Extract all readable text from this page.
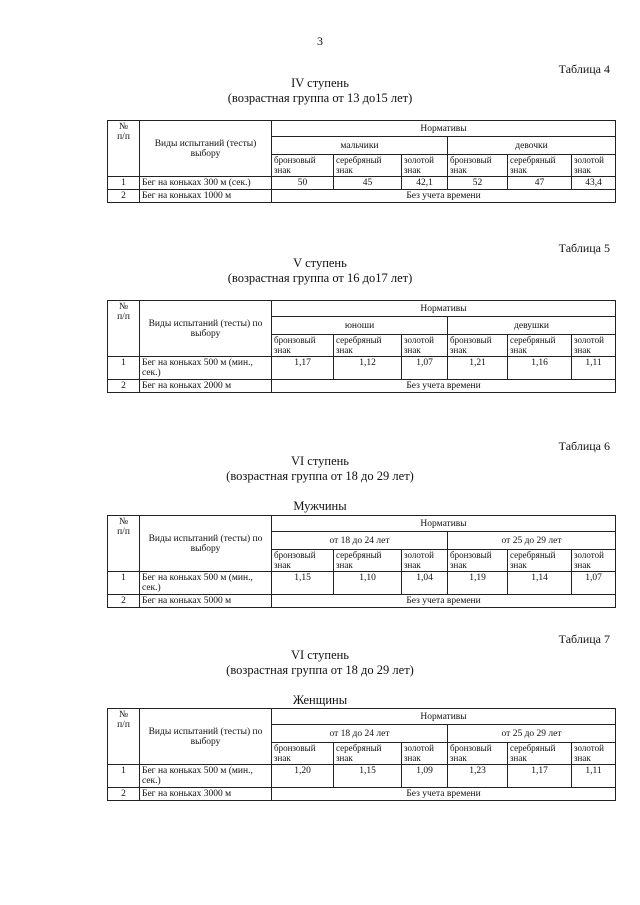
3
Таблица 4
IV ступень
(возрастная группа от 13 до15 лет)
№
п/п	Виды испытаний (тесты) выбору	Нормативы					
		мальчики			девочки		
		бронзовый знак	серебряный знак	золотой знак	бронзовый знак	серебряный знак	золотой знак
1	Бег на коньках 300 м (сек.)	50	45	42,1	52	47	43,4
2	Бег на коньках 1000 м	Без учета времени					
Таблица 5
V ступень
(возрастная группа от 16 до17 лет)
№
п/п	Виды испытаний (тесты) по выбору	Нормативы					
		юноши			девушки		
		бронзовый знак	серебряный знак	золотой знак	бронзовый знак	серебряный знак	золотой знак
1	Бег на коньках 500 м (мин., сек.)	1,17	1,12	1,07	1,21	1,16	1,11
2	Бег на коньках 2000 м	Без учета времени					
Таблица 6
VI ступень
(возрастная группа от 18 до 29 лет)
Мужчины
№
п/п	Виды испытаний (тесты) по выбору	Нормативы					
		от 18 до 24 лет			от 25 до 29 лет		
		бронзовый знак	серебряный знак	золотой знак	бронзовый знак	серебряный знак	золотой знак
1	Бег на коньках 500 м (мин., сек.)	1,15	1,10	1,04	1,19	1,14	1,07
2	Бег на коньках 5000 м	Без учета времени					
Таблица 7
VI ступень
(возрастная группа от 18 до 29 лет)
Женщины
№
п/п	Виды испытаний (тесты) по выбору	Нормативы					
		от 18 до 24 лет			от 25 до 29 лет		
		бронзовый знак	серебряный знак	золотой знак	бронзовый знак	серебряный знак	золотой знак
1	Бег на коньках 500 м (мин., сек.)	1,20	1,15	1,09	1,23	1,17	1,11
2	Бег на коньках 3000 м	Без учета времени					
